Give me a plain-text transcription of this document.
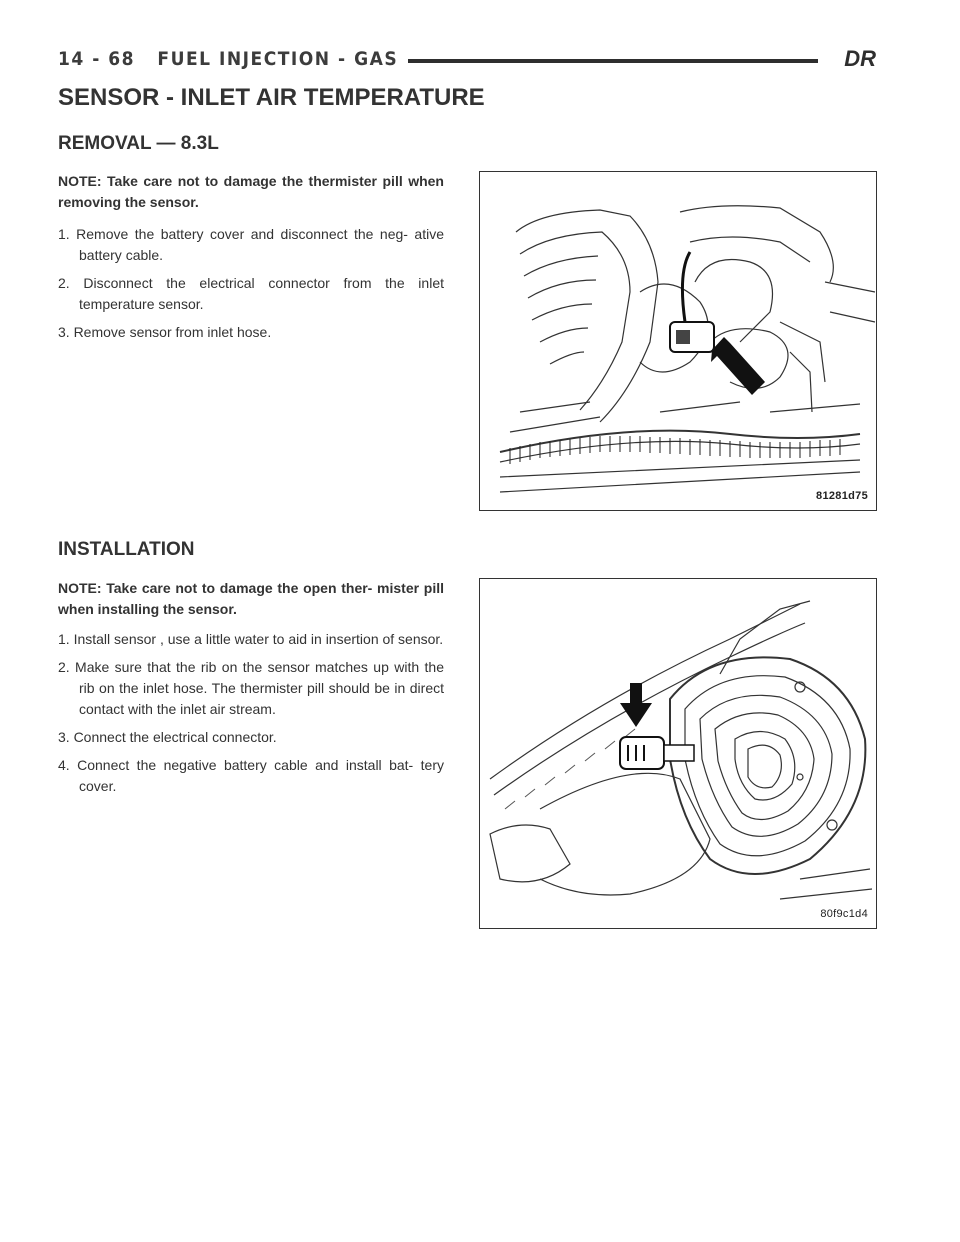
14 - 68 FUEL INJECTION - GAS	DR
SENSOR - INLET AIR TEMPERATURE
REMOVAL — 8.3L

NOTE: Take care not to damage the thermister pill when removing the sensor.

1. Remove the battery cover and disconnect the neg- ative battery cable.
2. Disconnect the electrical connector from the inlet temperature sensor.
3. Remove sensor from inlet hose.
81281d75
INSTALLATION

NOTE: Take care not to damage the open ther- mister pill when installing the sensor.

1. Install sensor , use a little water to aid in insertion of sensor.
2. Make sure that the rib on the sensor matches up with the rib on the inlet hose. The thermister pill should be in direct contact with the inlet air stream.
3. Connect the electrical connector.
4. Connect the negative battery cable and install bat- tery cover.
80f9c1d4
